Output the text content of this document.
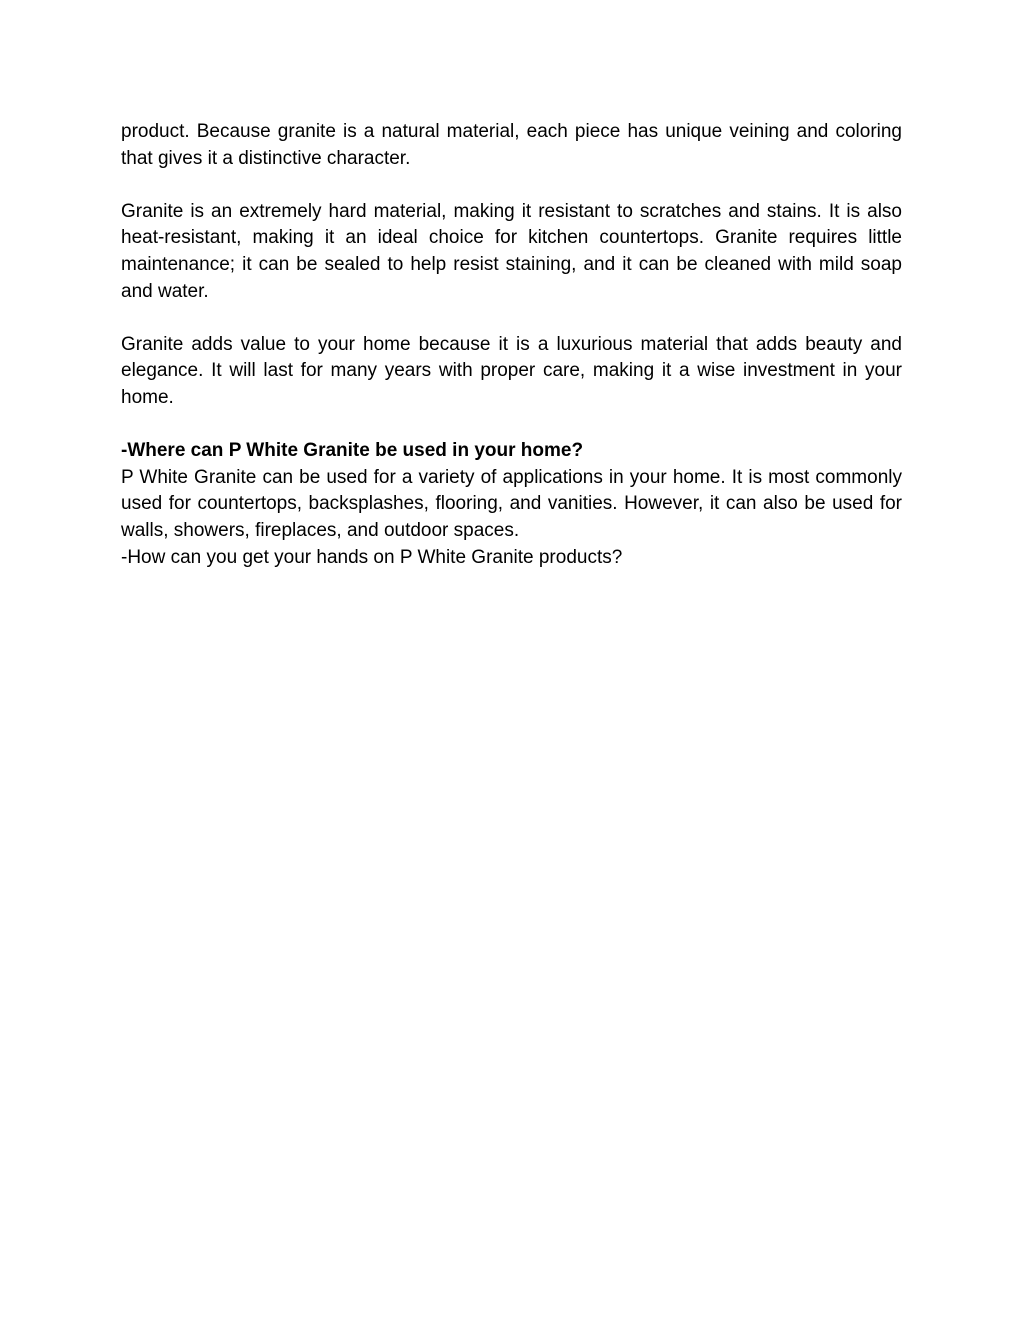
product. Because granite is a natural material, each piece has unique veining and coloring that gives it a distinctive character.

Granite is an extremely hard material, making it resistant to scratches and stains. It is also heat-resistant, making it an ideal choice for kitchen countertops. Granite requires little maintenance; it can be sealed to help resist staining, and it can be cleaned with mild soap and water.

Granite adds value to your home because it is a luxurious material that adds beauty and elegance. It will last for many years with proper care, making it a wise investment in your home.

-Where can P White Granite be used in your home?

P White Granite can be used for a variety of applications in your home. It is most commonly used for countertops, backsplashes, flooring, and vanities. However, it can also be used for walls, showers, fireplaces, and outdoor spaces.

-How can you get your hands on P White Granite products?
